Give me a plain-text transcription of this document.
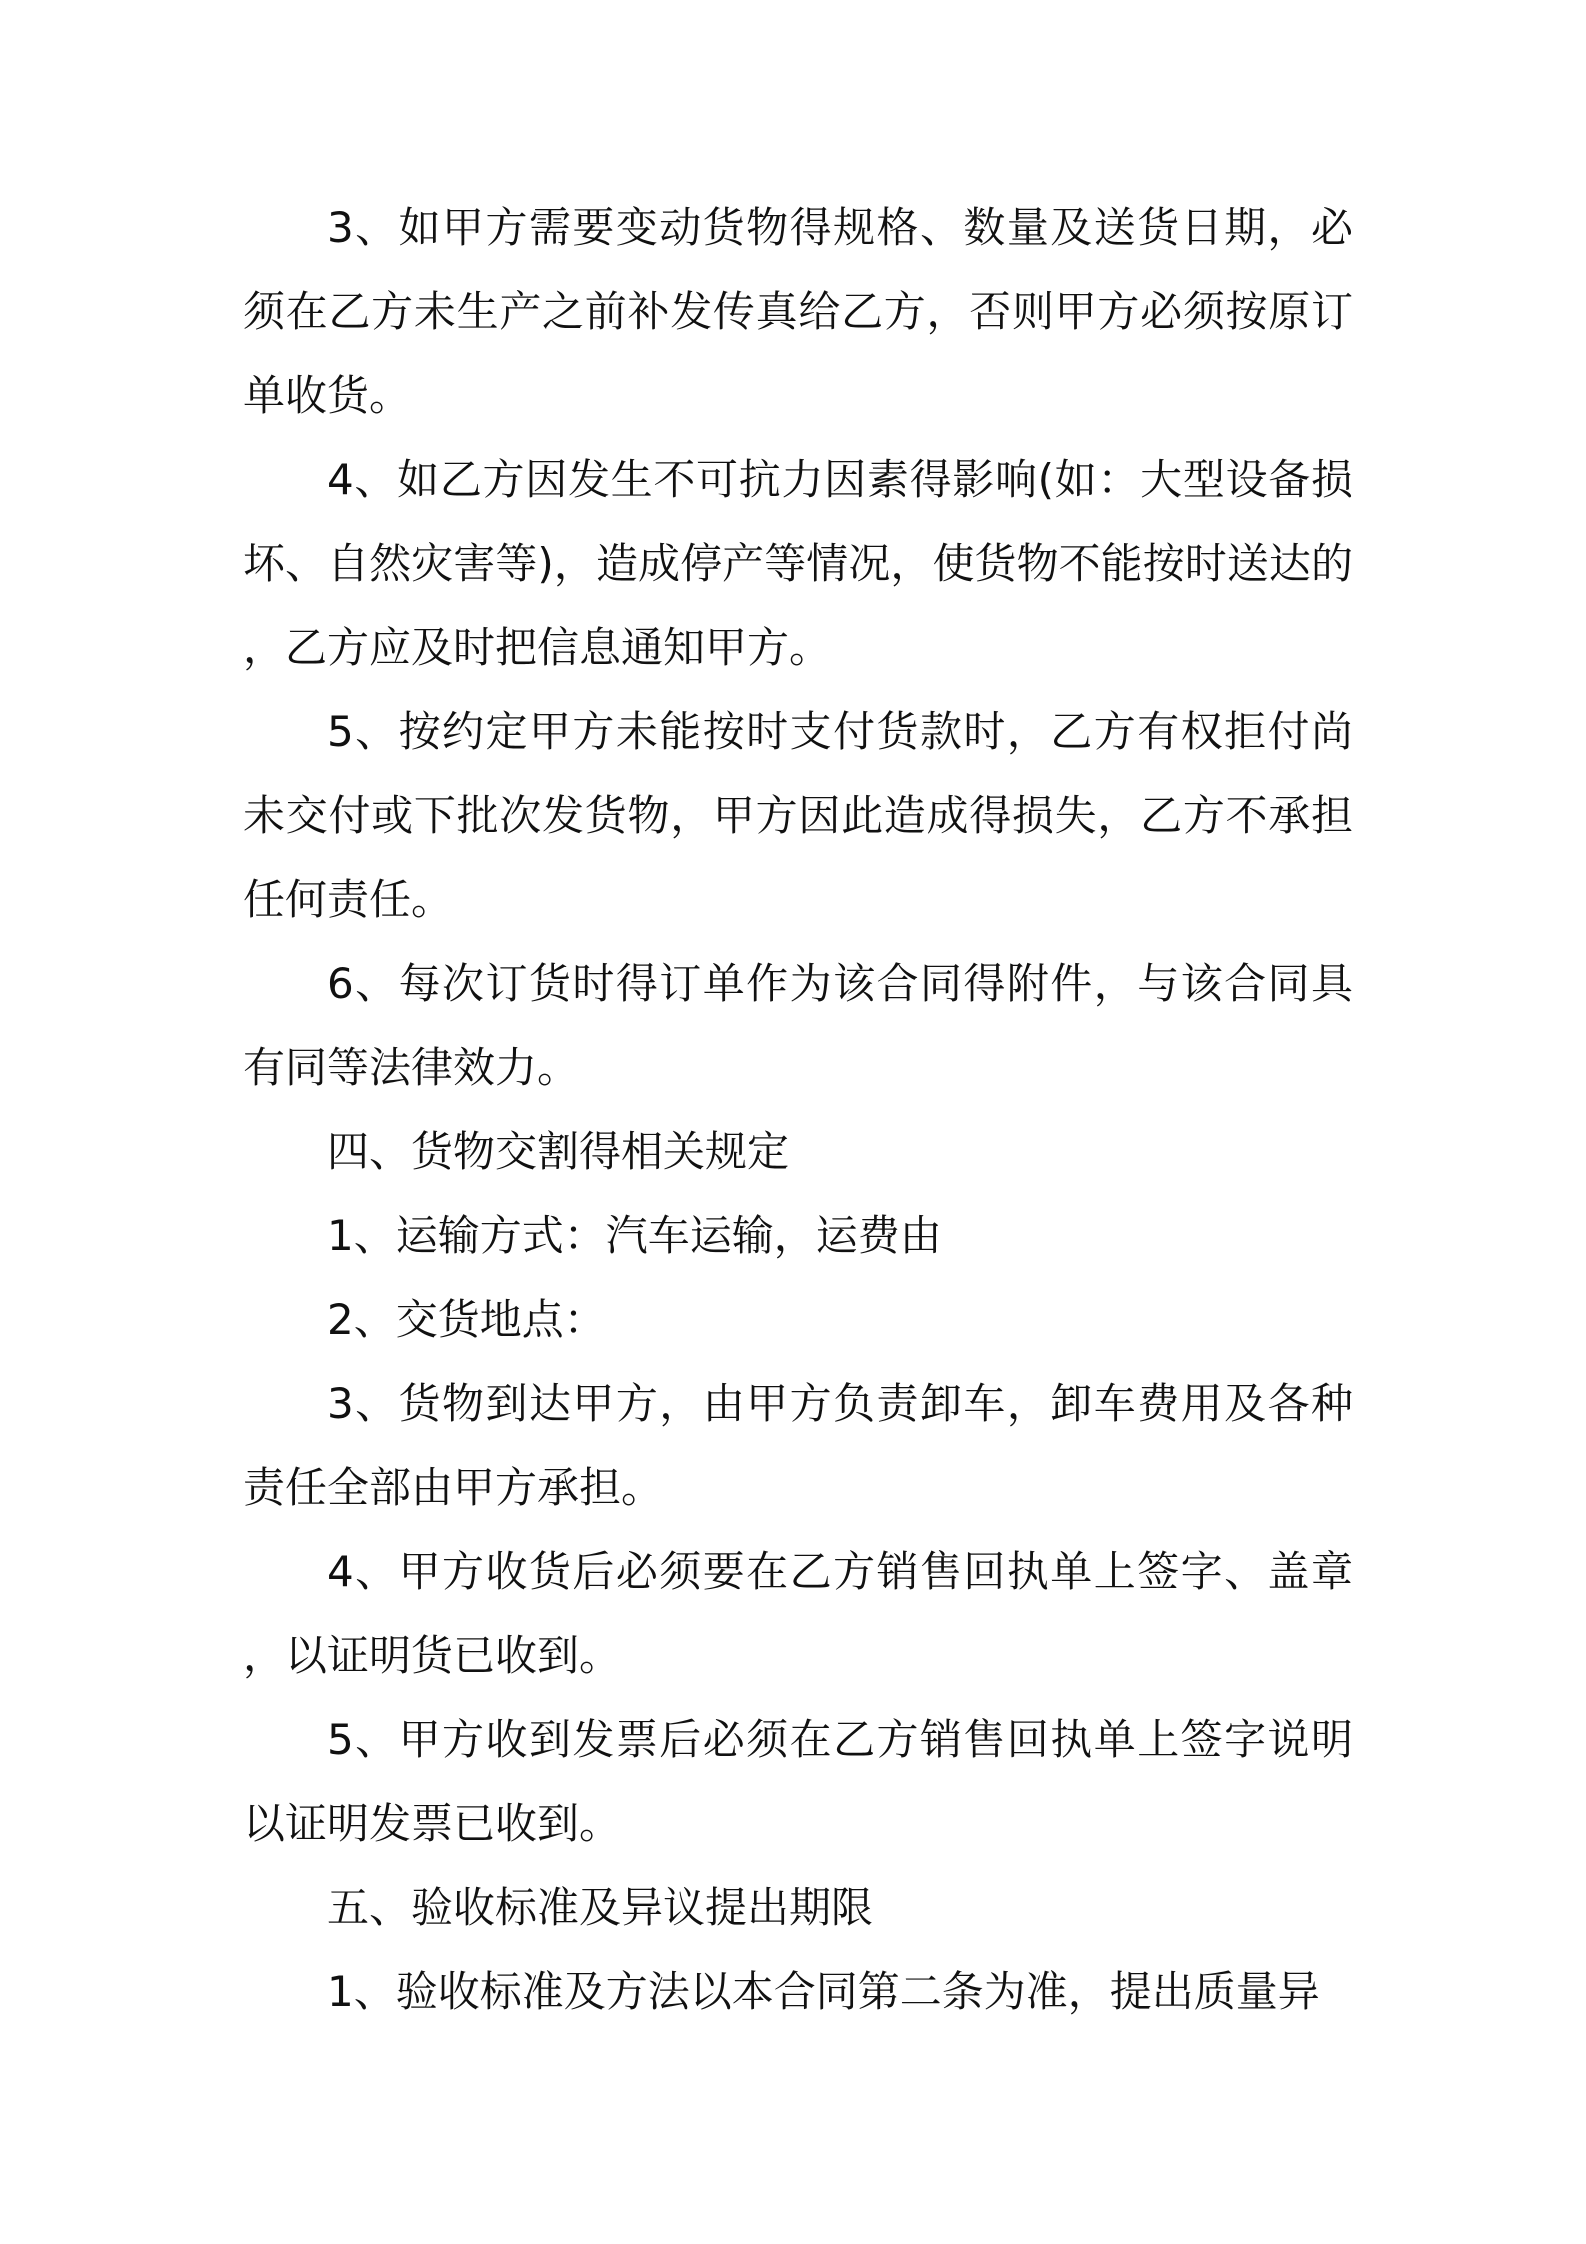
3、如甲方需要变动货物得规格、数量及送货日期，必须在乙方未生产之前补发传真给乙方，否则甲方必须按原订单收货。

4、如乙方因发生不可抗力因素得影响(如：大型设备损坏、自然灾害等)，造成停产等情况，使货物不能按时送达的，乙方应及时把信息通知甲方。

5、按约定甲方未能按时支付货款时，乙方有权拒付尚未交付或下批次发货物，甲方因此造成得损失，乙方不承担任何责任。

6、每次订货时得订单作为该合同得附件，与该合同具有同等法律效力。

四、货物交割得相关规定

1、运输方式：汽车运输，运费由

2、交货地点：

3、货物到达甲方，由甲方负责卸车，卸车费用及各种责任全部由甲方承担。

4、甲方收货后必须要在乙方销售回执单上签字、盖章，以证明货已收到。

5、甲方收到发票后必须在乙方销售回执单上签字说明以证明发票已收到。

五、验收标准及异议提出期限

1、验收标准及方法以本合同第二条为准，提出质量异
